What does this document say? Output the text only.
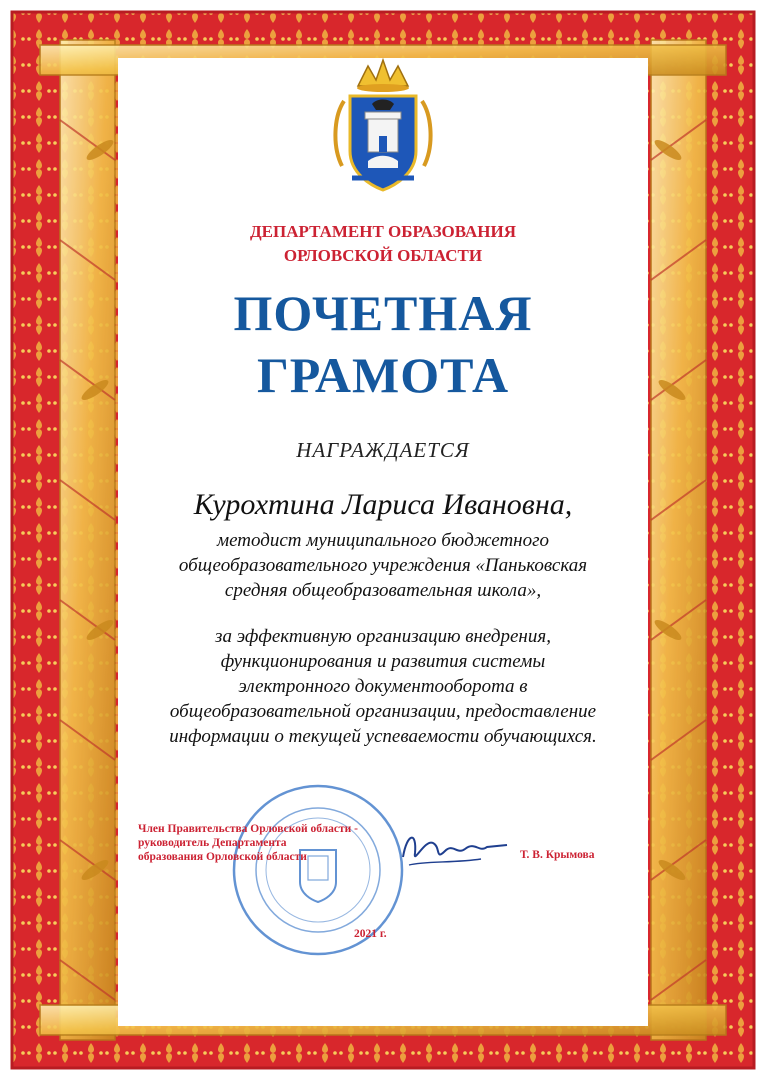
ДЕПАРТАМЕНТ ОБРАЗОВАНИЯ
ОРЛОВСКОЙ ОБЛАСТИ
ПОЧЕТНАЯ
ГРАМОТА
НАГРАЖДАЕТСЯ
Курохтина Лариса Ивановна,
методист муниципального бюджетного
общеобразовательного учреждения «Паньковская
средняя общеобразовательная школа»,
за эффективную организацию внедрения,
функционирования и развития системы
электронного документооборота в
общеобразовательной организации, предоставление
информации о текущей успеваемости обучающихся.
Член Правительства Орловской области -
руководитель Департамента
образования Орловской области	Т. В. Крымова
2021 г.
